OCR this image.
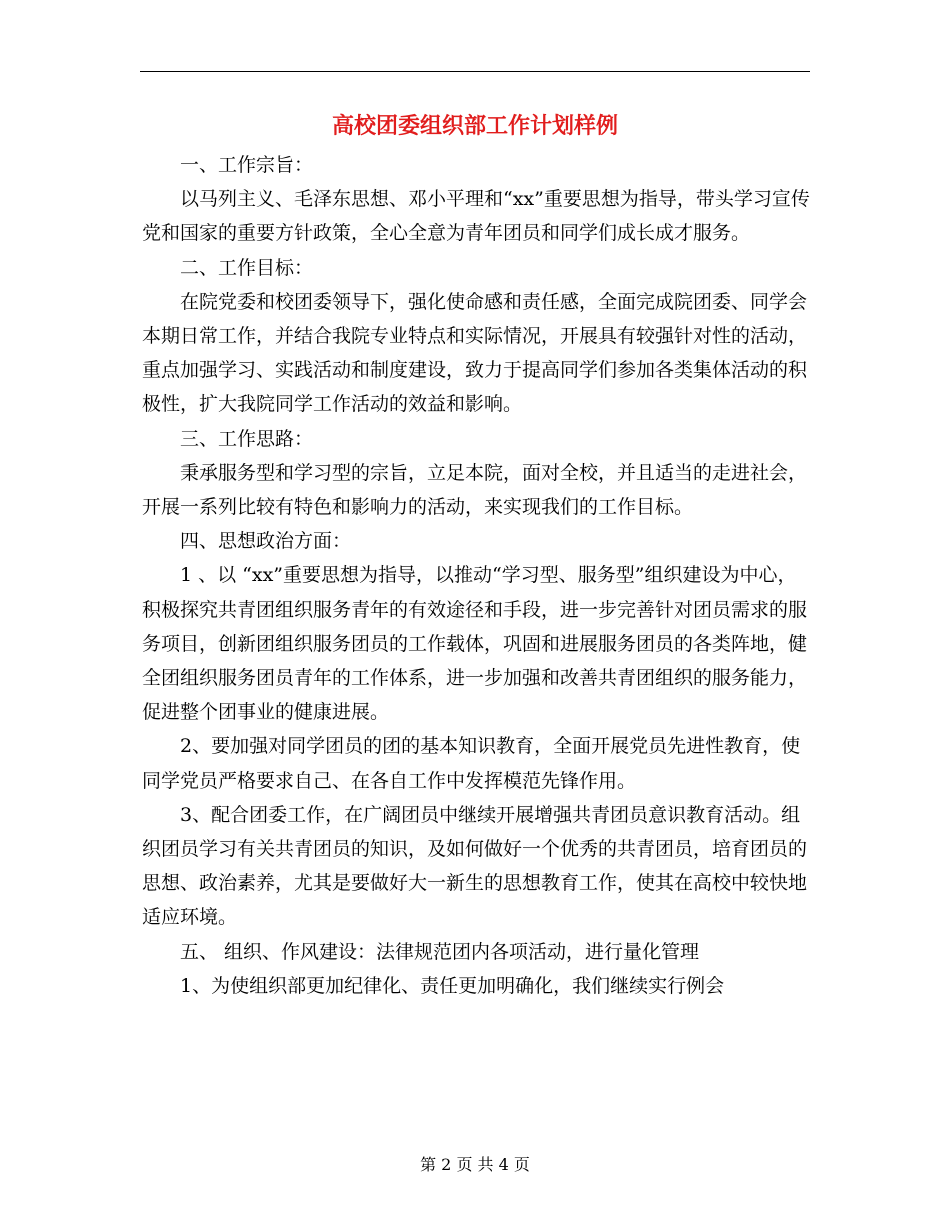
高校团委组织部工作计划样例

一、工作宗旨：

以马列主义、毛泽东思想、邓小平理和“xx”重要思想为指导，带头学习宣传党和国家的重要方针政策，全心全意为青年团员和同学们成长成才服务。

二、工作目标：

在院党委和校团委领导下，强化使命感和责任感，全面完成院团委、同学会本期日常工作，并结合我院专业特点和实际情况，开展具有较强针对性的活动，重点加强学习、实践活动和制度建设，致力于提高同学们参加各类集体活动的积极性，扩大我院同学工作活动的效益和影响。

三、工作思路：

秉承服务型和学习型的宗旨，立足本院，面对全校，并且适当的走进社会，开展一系列比较有特色和影响力的活动，来实现我们的工作目标。

四、思想政治方面：

1 、以 “xx”重要思想为指导，以推动“学习型、服务型”组织建设为中心，积极探究共青团组织服务青年的有效途径和手段，进一步完善针对团员需求的服务项目，创新团组织服务团员的工作载体，巩固和进展服务团员的各类阵地，健全团组织服务团员青年的工作体系，进一步加强和改善共青团组织的服务能力，促进整个团事业的健康进展。

2、要加强对同学团员的团的基本知识教育，全面开展党员先进性教育，使同学党员严格要求自己、在各自工作中发挥模范先锋作用。

3、配合团委工作，在广阔团员中继续开展增强共青团员意识教育活动。组织团员学习有关共青团员的知识，及如何做好一个优秀的共青团员，培育团员的思想、政治素养，尤其是要做好大一新生的思想教育工作，使其在高校中较快地适应环境。

五、 组织、作风建设：法律规范团内各项活动，进行量化管理

1、为使组织部更加纪律化、责任更加明确化，我们继续实行例会

第 2 页 共 4 页
